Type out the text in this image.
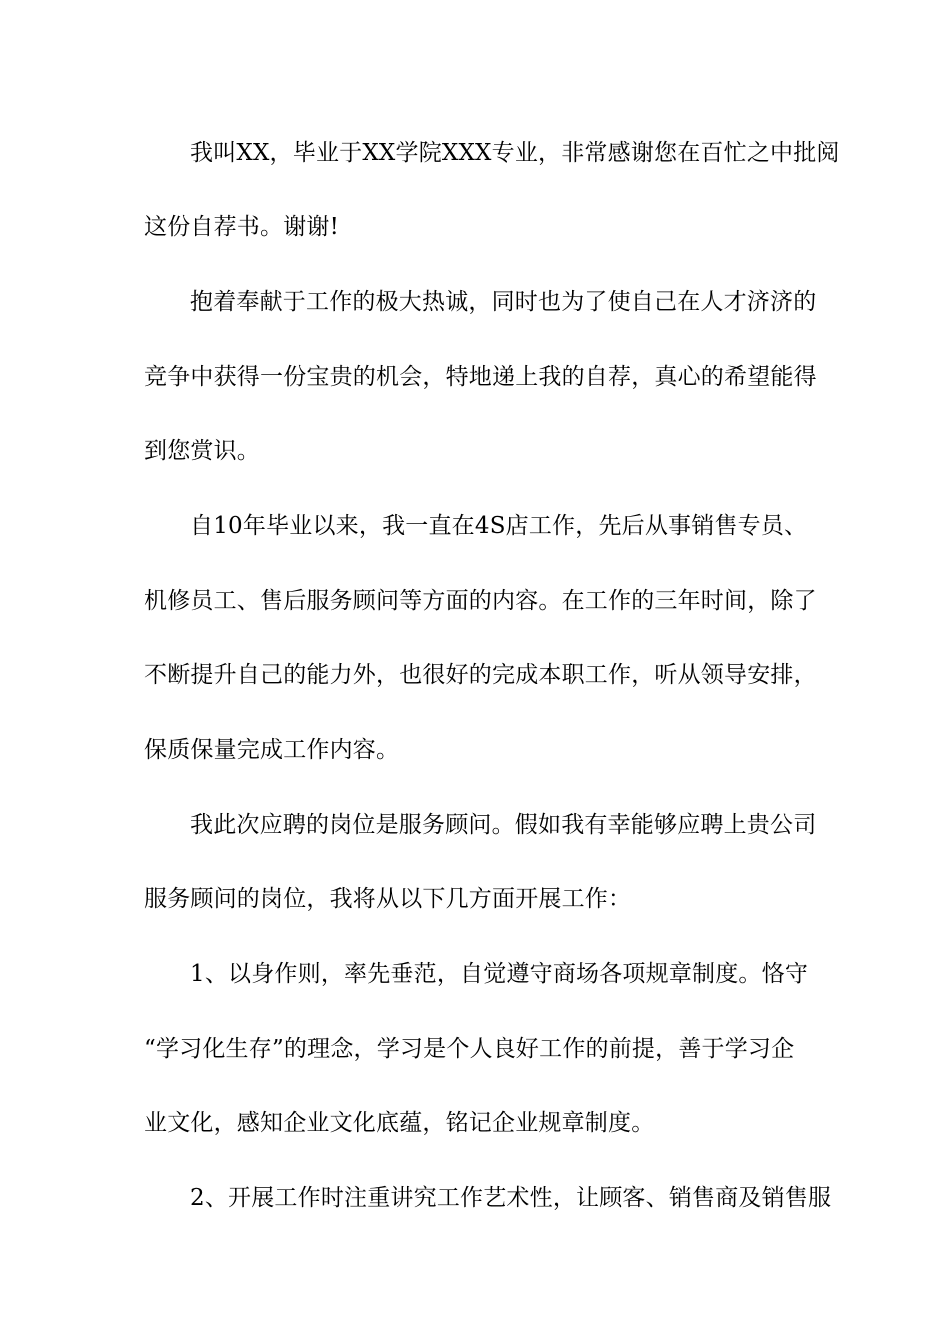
我叫XX，毕业于XX学院XXX专业，非常感谢您在百忙之中批阅
这份自荐书。谢谢!
抱着奉献于工作的极大热诚，同时也为了使自己在人才济济的
竞争中获得一份宝贵的机会，特地递上我的自荐，真心的希望能得
到您赏识。
自10年毕业以来，我一直在4S店工作，先后从事销售专员、
机修员工、售后服务顾问等方面的内容。在工作的三年时间，除了
不断提升自己的能力外，也很好的完成本职工作，听从领导安排，
保质保量完成工作内容。
我此次应聘的岗位是服务顾问。假如我有幸能够应聘上贵公司
服务顾问的岗位，我将从以下几方面开展工作：
1、以身作则，率先垂范，自觉遵守商场各项规章制度。恪守
“学习化生存”的理念，学习是个人良好工作的前提，善于学习企
业文化，感知企业文化底蕴，铭记企业规章制度。
2、开展工作时注重讲究工作艺术性，让顾客、销售商及销售服
